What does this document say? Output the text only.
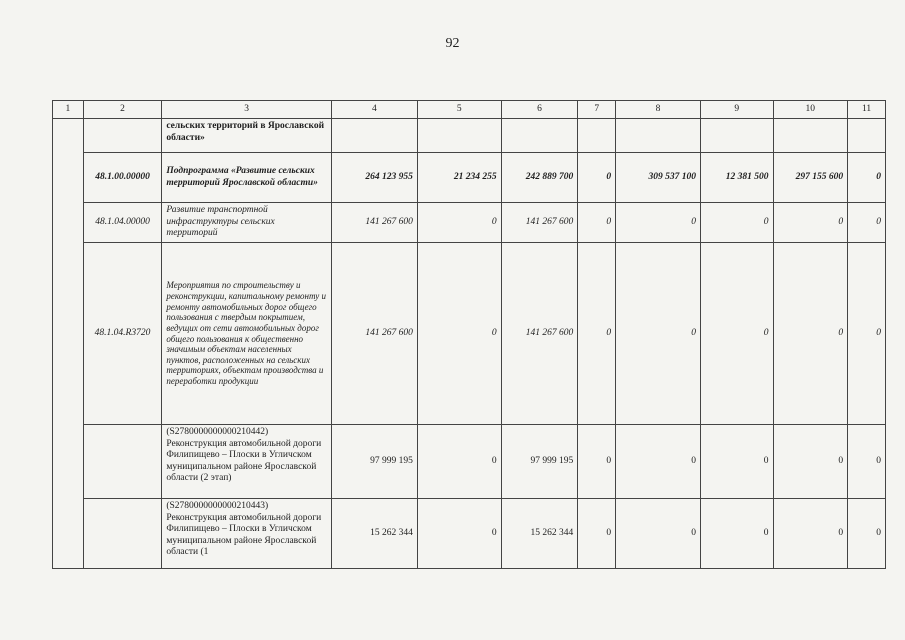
92
1	2	3	4	5	6	7	8	9	10	11
		сельских территорий в Ярославской области»								
	48.1.00.00000	Подпрограмма «Развитие сельских территорий Ярославской области»	264 123 955	21 234 255	242 889 700	0	309 537 100	12 381 500	297 155 600	0
	48.1.04.00000	Развитие транспортной инфраструктуры сельских территорий	141 267 600	0	141 267 600	0	0	0	0	0
	48.1.04.R3720	Мероприятия по строительству и реконструкции, капитальному ремонту и ремонту автомобильных дорог общего пользования с твердым покрытием, ведущих от сети автомобильных дорог общего пользования к общественно значимым объектам населенных пунктов, расположенных на сельских территориях, объектам производства и переработки продукции	141 267 600	0	141 267 600	0	0	0	0	0
		(S2780000000000210442) Реконструкция автомобильной дороги Филипищево – Плоски в Угличском муниципальном районе Ярославской области (2 этап)	97 999 195	0	97 999 195	0	0	0	0	0
		(S2780000000000210443) Реконструкция автомобильной дороги Филипищево – Плоски в Угличском муниципальном районе Ярославской области (1	15 262 344	0	15 262 344	0	0	0	0	0
